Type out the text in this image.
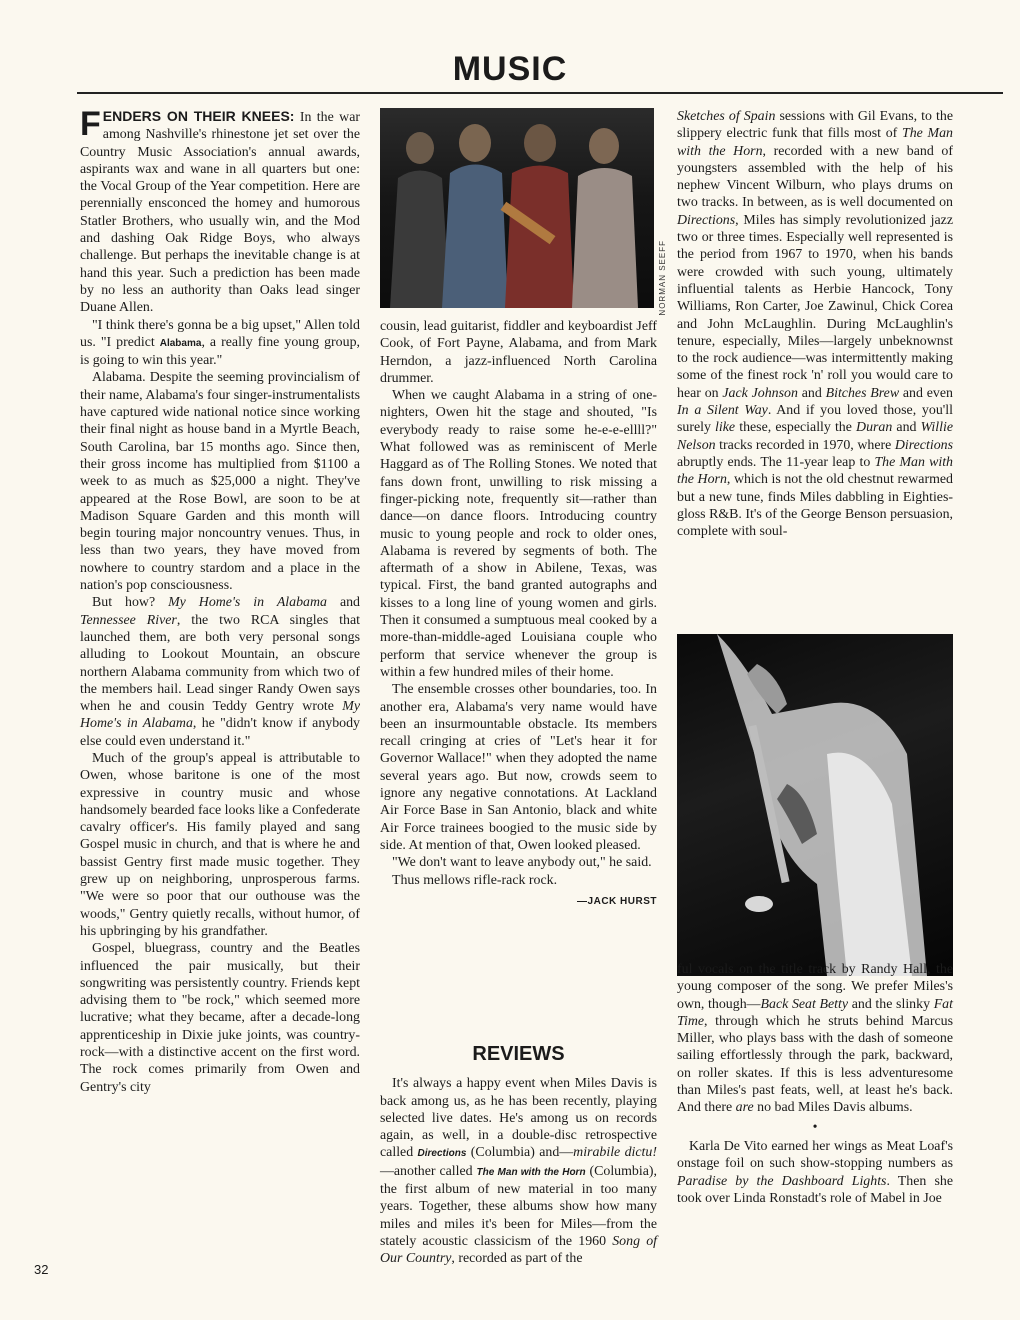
MUSIC

FENDERS ON THEIR KNEES: In the war among Nashville's rhinestone jet set over the Country Music Association's annual awards, aspirants wax and wane in all quarters but one: the Vocal Group of the Year competition. Here are perennially ensconced the homey and humorous Statler Brothers, who usually win, and the Mod and dashing Oak Ridge Boys, who always challenge. But perhaps the inevitable change is at hand this year. Such a prediction has been made by no less an authority than Oaks lead singer Duane Allen.

"I think there's gonna be a big upset," Allen told us. "I predict Alabama, a really fine young group, is going to win this year."

Alabama. Despite the seeming provincialism of their name, Alabama's four singer-instrumentalists have captured wide national notice since working their final night as house band in a Myrtle Beach, South Carolina, bar 15 months ago. Since then, their gross income has multiplied from $1100 a week to as much as $25,000 a night. They've appeared at the Rose Bowl, are soon to be at Madison Square Garden and this month will begin touring major noncountry venues. Thus, in less than two years, they have moved from nowhere to country stardom and a place in the nation's pop consciousness.

But how? My Home's in Alabama and Tennessee River, the two RCA singles that launched them, are both very personal songs alluding to Lookout Mountain, an obscure northern Alabama community from which two of the members hail. Lead singer Randy Owen says when he and cousin Teddy Gentry wrote My Home's in Alabama, he "didn't know if anybody else could even understand it."

Much of the group's appeal is attributable to Owen, whose baritone is one of the most expressive in country music and whose handsomely bearded face looks like a Confederate cavalry officer's. His family played and sang Gospel music in church, and that is where he and bassist Gentry first made music together. They grew up on neighboring, unprosperous farms. "We were so poor that our outhouse was the woods," Gentry quietly recalls, without humor, of his upbringing by his grandfather.

Gospel, bluegrass, country and the Beatles influenced the pair musically, but their songwriting was persistently country. Friends kept advising them to "be rock," which seemed more lucrative; what they became, after a decade-long apprenticeship in Dixie juke joints, was country-rock—with a distinctive accent on the first word. The rock comes primarily from Owen and Gentry's city

NORMAN SEEFF

cousin, lead guitarist, fiddler and keyboardist Jeff Cook, of Fort Payne, Alabama, and from Mark Herndon, a jazz-influenced North Carolina drummer.

When we caught Alabama in a string of one-nighters, Owen hit the stage and shouted, "Is everybody ready to raise some he-e-e-ellll?" What followed was as reminiscent of Merle Haggard as of The Rolling Stones. We noted that fans down front, unwilling to risk missing a finger-picking note, frequently sit—rather than dance—on dance floors. Introducing country music to young people and rock to older ones, Alabama is revered by segments of both. The aftermath of a show in Abilene, Texas, was typical. First, the band granted autographs and kisses to a long line of young women and girls. Then it consumed a sumptuous meal cooked by a more-than-middle-aged Louisiana couple who perform that service whenever the group is within a few hundred miles of their home.

The ensemble crosses other boundaries, too. In another era, Alabama's very name would have been an insurmountable obstacle. Its members recall cringing at cries of "Let's hear it for Governor Wallace!" when they adopted the name several years ago. But now, crowds seem to ignore any negative connotations. At Lackland Air Force Base in San Antonio, black and white Air Force trainees boogied to the music side by side. At mention of that, Owen looked pleased.

"We don't want to leave anybody out," he said.

Thus mellows rifle-rack rock.

—JACK HURST
REVIEWS

It's always a happy event when Miles Davis is back among us, as he has been recently, playing selected live dates. He's among us on records again, as well, in a double-disc retrospective called Directions (Columbia) and—mirabile dictu!—another called The Man with the Horn (Columbia), the first album of new material in too many years. Together, these albums show how many miles and miles it's been for Miles—from the stately acoustic classicism of the 1960 Song of Our Country, recorded as part of the

Sketches of Spain sessions with Gil Evans, to the slippery electric funk that fills most of The Man with the Horn, recorded with a new band of youngsters assembled with the help of his nephew Vincent Wilburn, who plays drums on two tracks. In between, as is well documented on Directions, Miles has simply revolutionized jazz two or three times. Especially well represented is the period from 1967 to 1970, when his bands were crowded with such young, ultimately influential talents as Herbie Hancock, Tony Williams, Ron Carter, Joe Zawinul, Chick Corea and John McLaughlin. During McLaughlin's tenure, especially, Miles—largely unbeknownst to the rock audience—was intermittently making some of the finest rock 'n' roll you would care to hear on Jack Johnson and Bitches Brew and even In a Silent Way. And if you loved those, you'll surely like these, especially the Duran and Willie Nelson tracks recorded in 1970, where Directions abruptly ends. The 11-year leap to The Man with the Horn, which is not the old chestnut rewarmed but a new tune, finds Miles dabbling in Eighties-gloss R&B. It's of the George Benson persuasion, complete with soul-

ful vocals on the title track by Randy Hall, the young composer of the song. We prefer Miles's own, though—Back Seat Betty and the slinky Fat Time, through which he struts behind Marcus Miller, who plays bass with the dash of someone sailing effortlessly through the park, backward, on roller skates. If this is less adventuresome than Miles's past feats, well, at least he's back. And there are no bad Miles Davis albums.

•

Karla De Vito earned her wings as Meat Loaf's onstage foil on such show-stopping numbers as Paradise by the Dashboard Lights. Then she took over Linda Ronstadt's role of Mabel in Joe

32
